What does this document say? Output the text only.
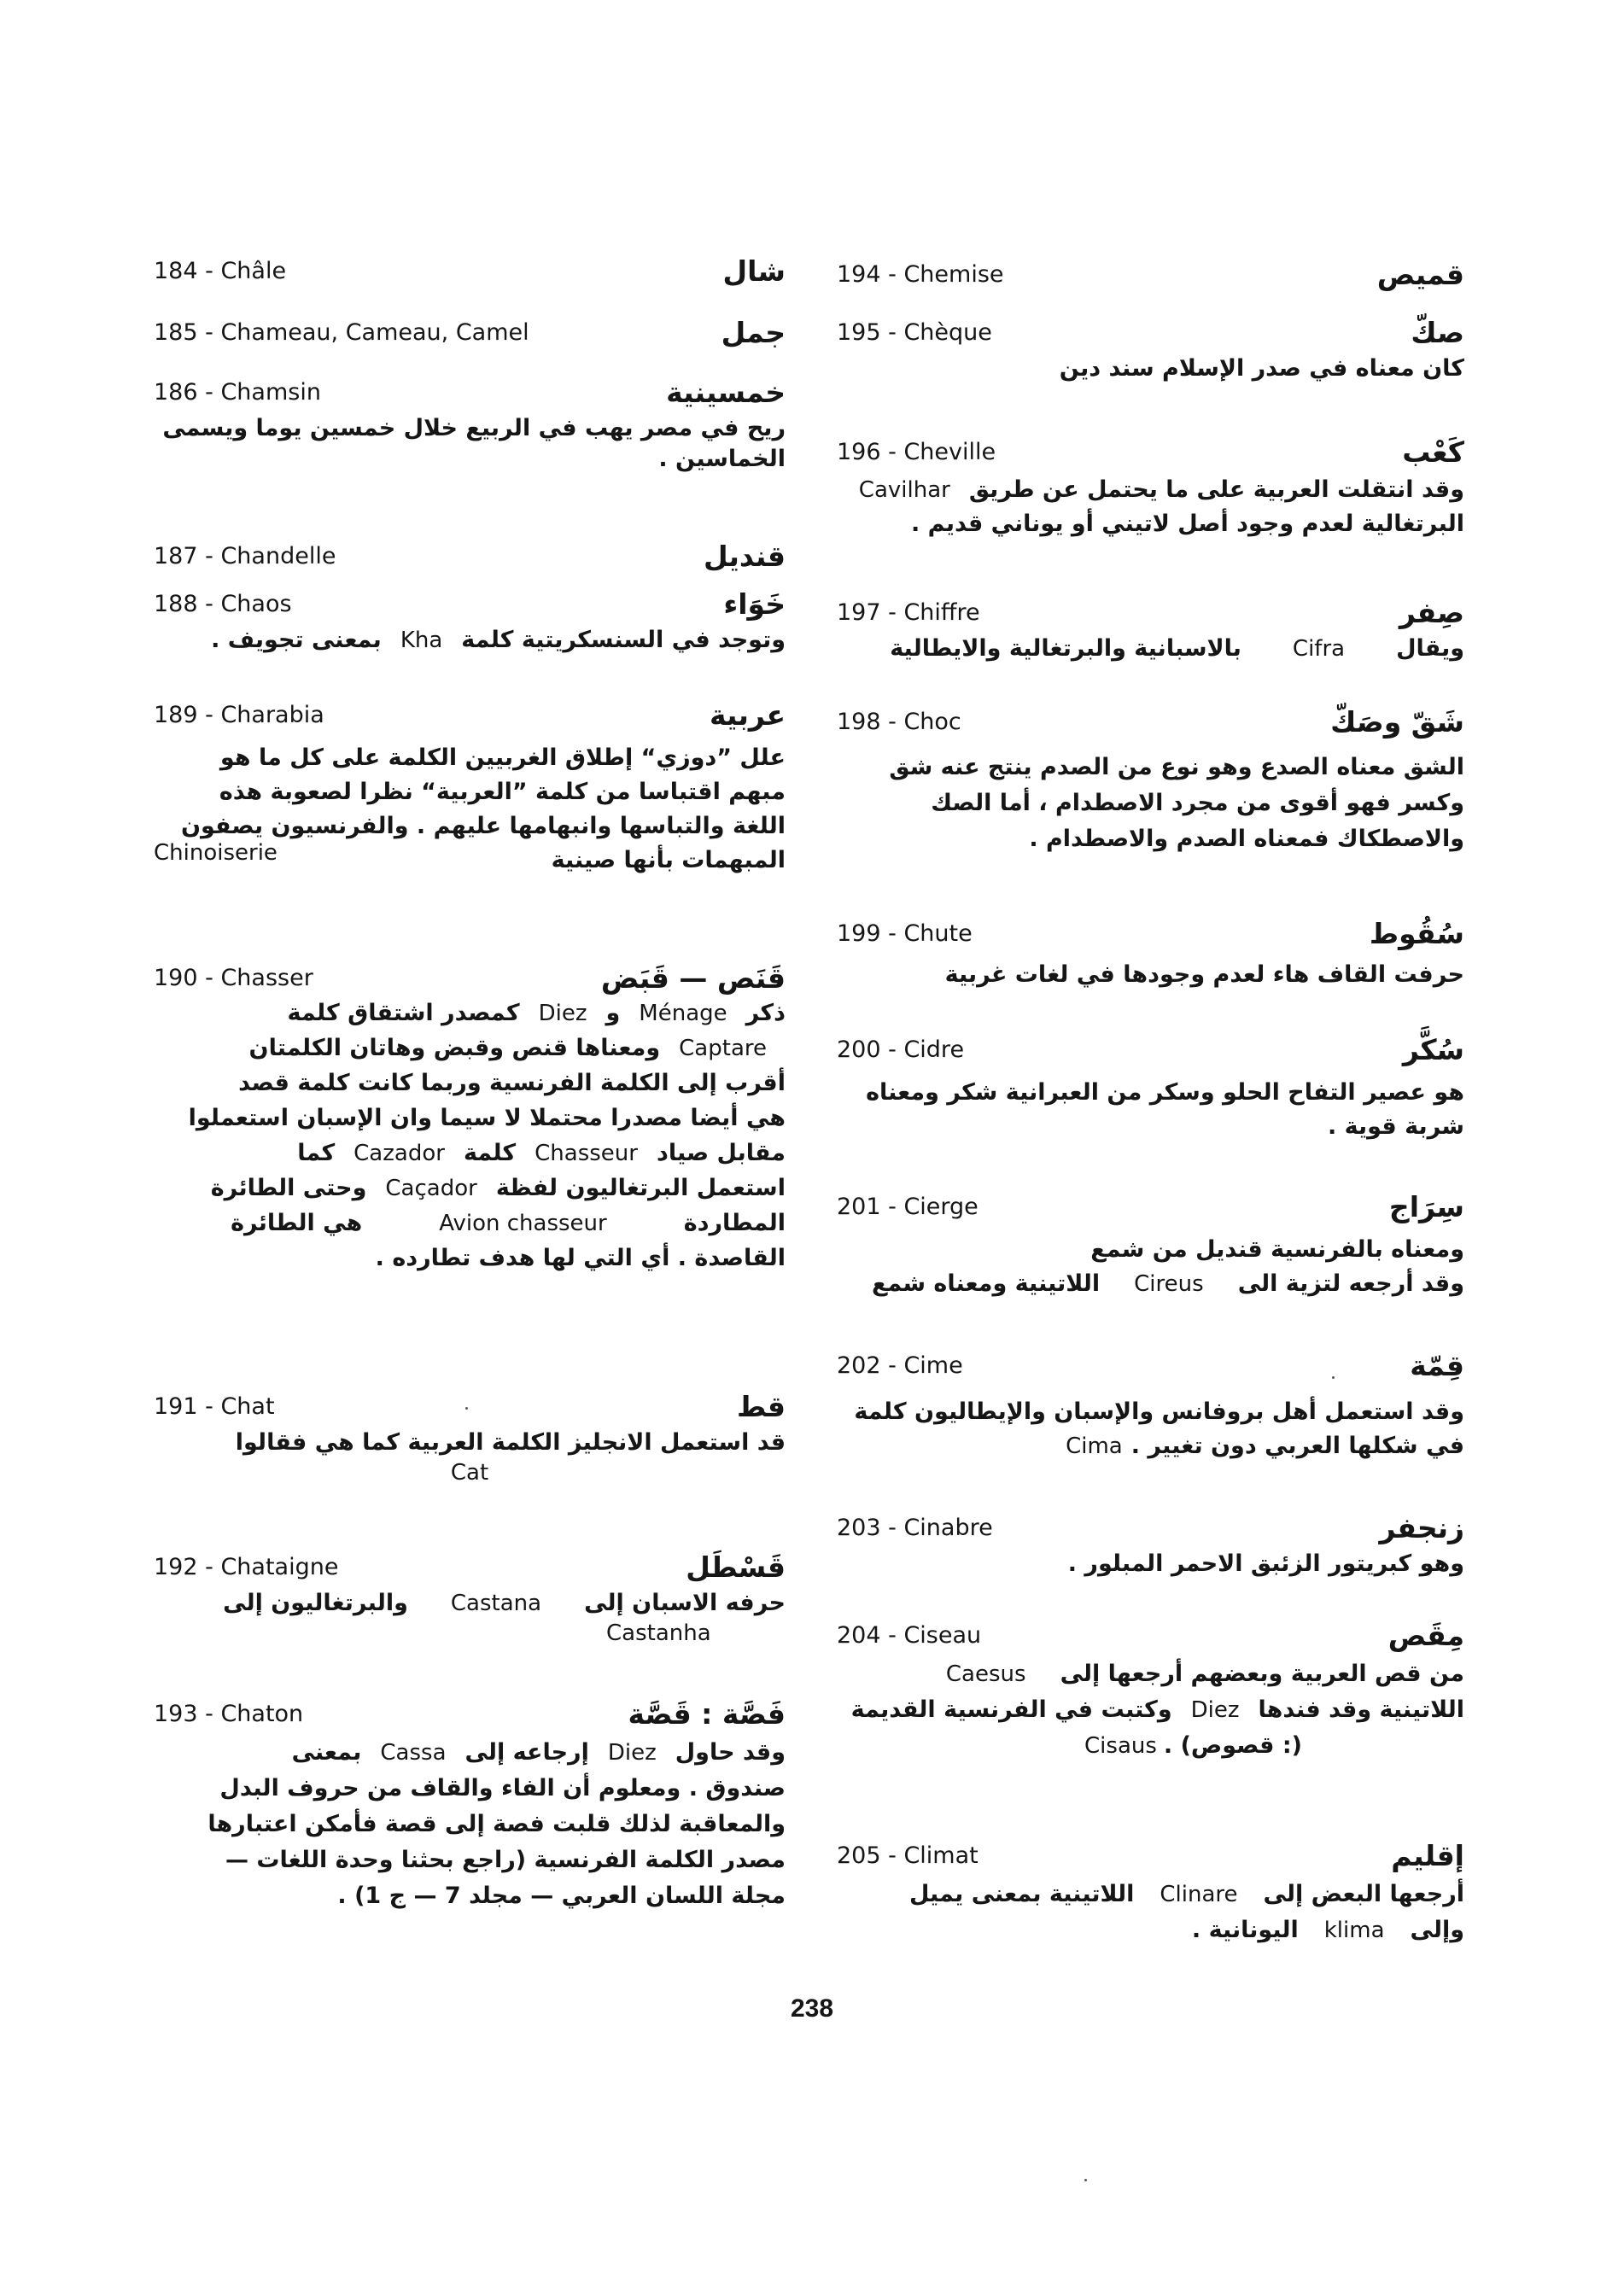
184 - Châle	شال
185 - Chameau, Cameau, Camel	جمل
186 - Chamsin	خمسينية

ريح في مصر يهب في الربيع خلال خمسين يوما ويسمى

الخماسين .

187 - Chandelle	قنديل
188 - Chaos	خَوَاء

وتوجد في السنسكريتية كلمةKhaبمعنى تجويف .

189 - Charabia	عربية

علل ”دوزي“ إطلاق الغربيين الكلمة على كل ما هو

مبهم اقتباسا من كلمة ”العربية“ نظرا لصعوبة هذه

اللغة والتباسها وانبهامها عليهم . والفرنسيون يصفون

المبهمات بأنها صينية
Chinoiserie

190 - Chasser	قَنَص — قَبَض

ذكرMénageوDiezكمصدر اشتقاق كلمة

Captareومعناها قنص وقبض وهاتان الكلمتان

أقرب إلى الكلمة الفرنسية وربما كانت كلمة قصد

هي أيضا مصدرا محتملا لا سيما وان الإسبان استعملوا

مقابل صيادChasseurكلمةCazadorكما

استعمل البرتغاليون لفظةCaçadorوحتى الطائرة

المطاردةAvion chasseurهي الطائرة

القاصدة . أي التي لها هدف تطارده .

191 - Chat	قط

قد استعمل الانجليز الكلمة العربية كما هي فقالوا

Cat

192 - Chataigne	قَسْطَل

حرفه الاسبان إلىCastanaوالبرتغاليون إلى

Castanha

193 - Chaton	فَصَّة : قَصَّة

وقد حاولDiezإرجاعه إلىCassaبمعنى

صندوق . ومعلوم أن الفاء والقاف من حروف البدل

والمعاقبة لذلك قلبت فصة إلى قصة فأمكن اعتبارها

مصدر الكلمة الفرنسية (راجع بحثنا وحدة اللغات —

مجلة اللسان العربي — مجلد 7 — ج 1) .

194 - Chemise	قميص
195 - Chèque	صكّ

كان معناه في صدر الإسلام سند دين

196 - Cheville	كَعْب

وقد انتقلت العربية على ما يحتمل عن طريقCavilhar

البرتغالية لعدم وجود أصل لاتيني أو يوناني قديم .

197 - Chiffre	صِفر

ويقالCifraبالاسبانية والبرتغالية والايطالية

198 - Choc	شَقّ وصَكّ

الشق معناه الصدع وهو نوع من الصدم ينتج عنه شق

وكسر فهو أقوى من مجرد الاصطدام ، أما الصك

والاصطكاك فمعناه الصدم والاصطدام .

199 - Chute	سُقُوط

حرفت القاف هاء لعدم وجودها في لغات غربية

200 - Cidre	سُكَّر

هو عصير التفاح الحلو وسكر من العبرانية شكر ومعناه

شربة قوية .

201 - Cierge	سِرَاج

ومعناه بالفرنسية قنديل من شمع

وقد أرجعه لتزية الىCireusاللاتينية ومعناه شمع

202 - Cime	قِمّة

وقد استعمل أهل بروفانس والإسبان والإيطاليون كلمة

في شكلها العربي دون تغيير .Cima

203 - Cinabre	زنجفر

وهو كبريتور الزئبق الاحمر المبلور .

204 - Ciseau	مِقَص

من قص العربية وبعضهم أرجعها إلىCaesus

اللاتينية وقد فندهاDiezوكتبت في الفرنسية القديمة

(: قصوص) .Cisaus

205 - Climat	إقليم

أرجعها البعض إلىClinareاللاتينية بمعنى يميل

وإلىklimaاليونانية .

238
